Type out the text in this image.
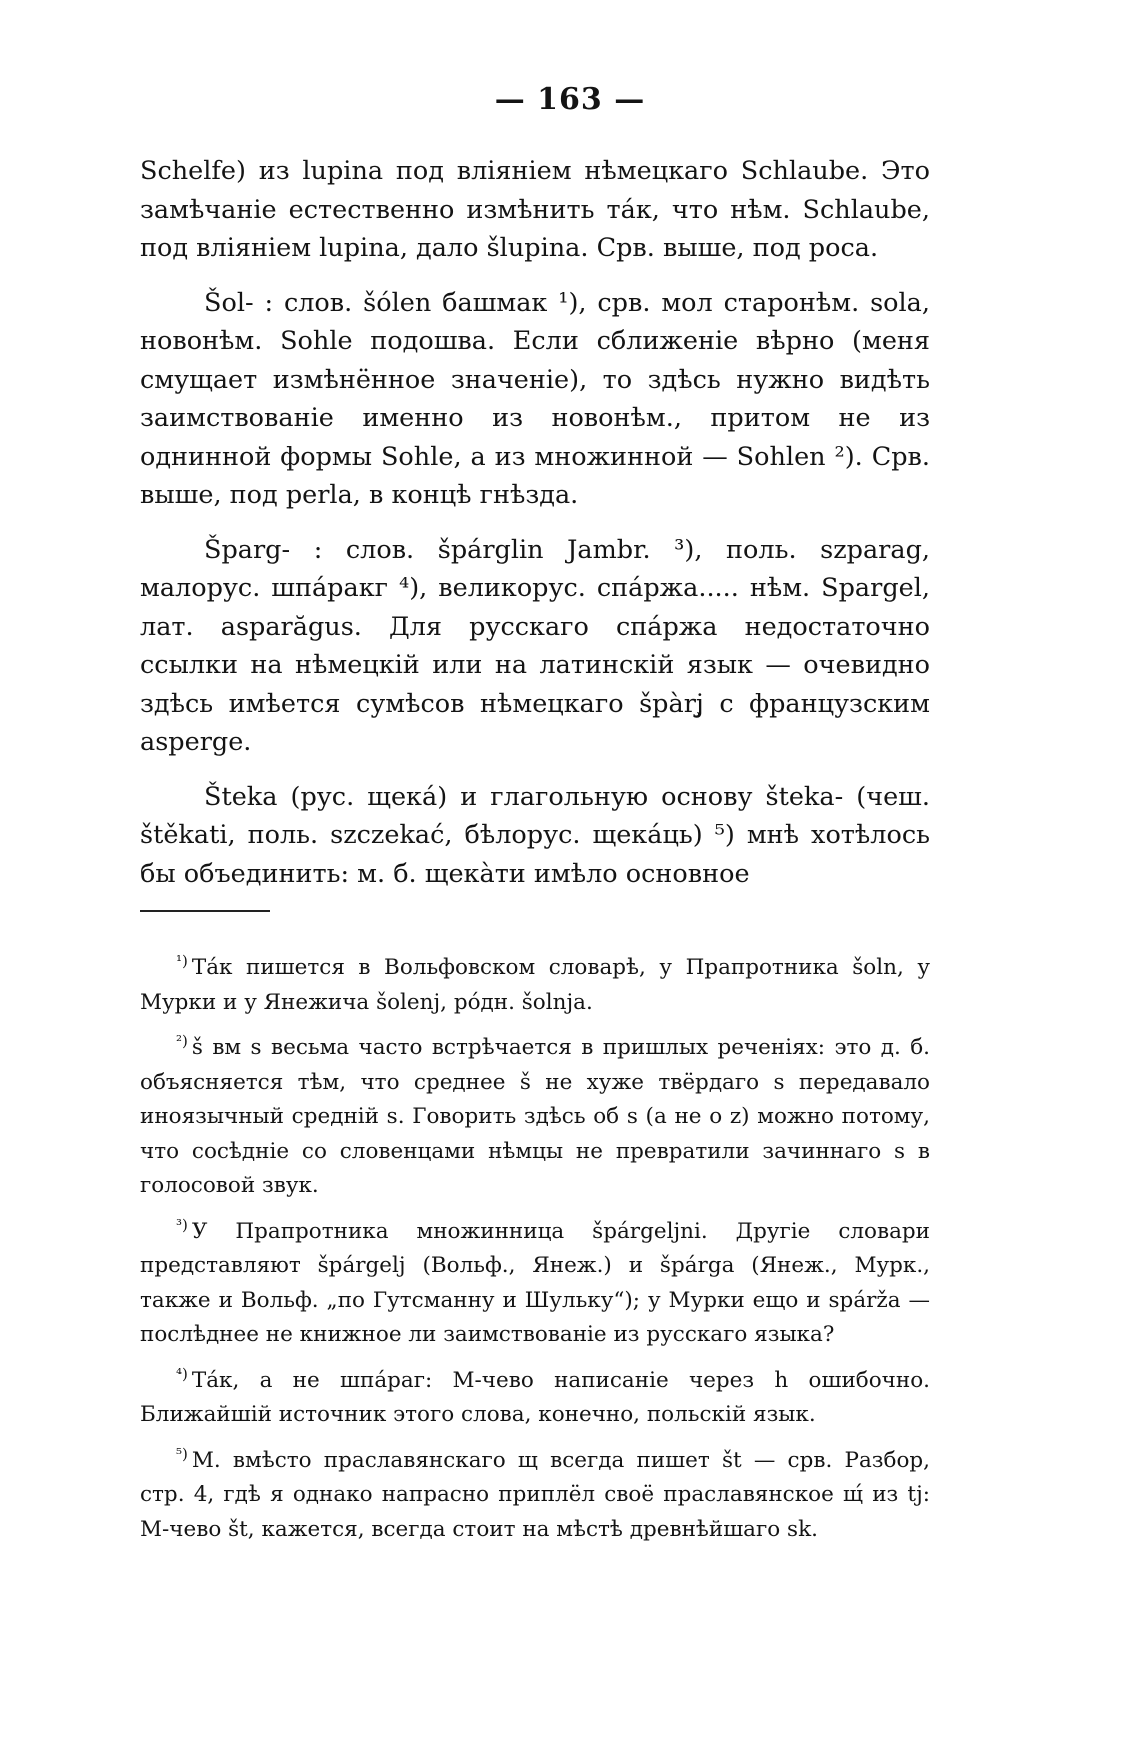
— 163 —

Schelfe) из lupina под вліяніем нѣмецкаго Schlaube. Это замѣчаніе естественно измѣнить тáк, что нѣм. Schlaube, под вліяніем lupina, дало šlupina. Срв. выше, под роса.

Šol- : слов. šólen башмак ¹), срв. мол старонѣм. sola, новонѣм. Sohle подошва. Если сближеніе вѣрно (меня смущает измѣнённое значеніе), то здѣсь нужно видѣть заимствованіе именно из новонѣм., притом не из однинной формы Sohle, а из множинной — Sohlen ²). Срв. выше, под perla, в концѣ гнѣзда.

Špаrg- : слов. špárglin Jambr. ³), поль. szparag, малорус. шпáракг ⁴), великорус. спáржа..... нѣм. Spargel, лат. asparăgus. Для русскаго спáржа недостаточно ссылки на нѣмецкій или на латинскій язык — очевидно здѣсь имѣется сумѣсов нѣмецкаго špàrj̧ с французским asperge.

Šteka (рус. щекá) и глагольную основу šteka- (чеш. štěkati, поль. szczekać, бѣлорус. щекáць) ⁵) мнѣ хотѣлось бы объединить: м. б. щекàти имѣло основное

$^{^1)}$ Тáк пишется в Вольфовском словарѣ, у Прапротника šoln, у Мурки и у Янежича šolenj, рóдн. šolnja.

$^{^2)}$ š вм s весьма часто встрѣчается в пришлых реченіях: это д. б. объясняется тѣм, что среднее š не хуже твёрдаго s передавало иноязычный средній s. Говорить здѣсь об s (а не о z) можно потому, что сосѣдніе со словенцами нѣмцы не превратили зачиннаго s в голосовой звук.

$^{^3)}$ У Прапротника множинница špárgeljni. Другіе словари представляют špárgelj (Вольф., Янеж.) и špárga (Янеж., Мурк., также и Вольф. „по Гутсманну и Шульку“); у Мурки ещо и spárža — послѣднее не книжное ли заимствованіе из русскаго языка?

$^{^4)}$ Тáк, а не шпáраг: М-чево написаніе через h ошибочно. Ближайшій источник этого слова, конечно, польскій язык.

$^{^5)}$ М. вмѣсто праславянскаго щ всегда пишет št — срв. Разбор, стр. 4, гдѣ я однако напрасно приплёл своё праславянское щ́ из tj: М-чево št, кажется, всегда стоит на мѣстѣ древнѣйшаго sk.
